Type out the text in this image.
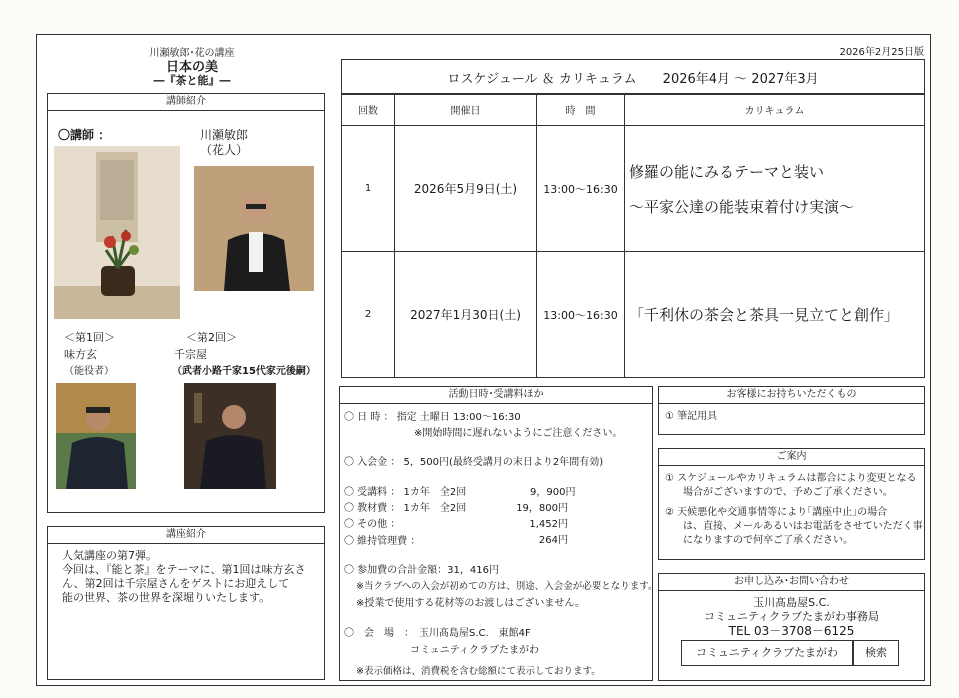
川瀬敏郎･花の講座
日本の美
―『茶と能』―
2026年2月25日版
講師紹介
〇講師 ：	川瀬敏郎
（花人）
＜第1回＞
味方玄
（能役者）
＜第2回＞
千宗屋
（武者小路千家15代家元後嗣）
講座紹介
人気講座の第7弾。
今回は、『能と茶』をテーマに、第1回は味方玄さ
ん、第2回は千宗屋さんをゲストにお迎えして
能の世界、茶の世界を深堀りいたします。
ロスケジュール ＆ カリキュラム　　2026年4月 ～ 2027年3月
回数	開催日	時　間	カリキュラム
1	2026年5月9日(土)	13:00～16:30	修羅の能にみるテーマと装い
～平家公達の能装束着付け実演～

2	2027年1月30日(土)	13:00～16:30	「千利休の茶会と茶具一見立てと創作」
活動日時･受講料ほか
〇 日 時 ： 指定 土曜日 13:00～16:30
※開始時間に遅れないようにご注意ください。
〇 入会金 ： 5，500円(最終受講月の末日より2年間有効)
〇 受講料 ： 1カ年　全2回	9，900円
〇 教材費 ： 1カ年　全2回	19，800円
〇 その他 ：	1,452円
〇 維持管理費 ：	264円
〇 参加費の合計金額：31，416円
※当クラブへの入会が初めての方は、別途、入会金が必要となります。
※授業で使用する花材等のお渡しはございません。
〇　会　場　：　玉川髙島屋S.C.　東館4F
コミュニティクラブたまがわ
※表示価格は、消費税を含む総額にて表示しております。
お客様にお持ちいただくもの
① 筆記用具
ご案内
① スケジュールやカリキュラムは都合により変更となる
場合がございますので、予めご了承ください。
② 天候悪化や交通事情等により｢講座中止｣の場合
は、直接、メールあるいはお電話をさせていただく事
になりますので何卒ご了承ください。
お申し込み･お問い合わせ
玉川髙島屋S.C.
コミュニティクラブたまがわ事務局
TEL 03－3708－6125
コミュニティクラブたまがわ	検索
